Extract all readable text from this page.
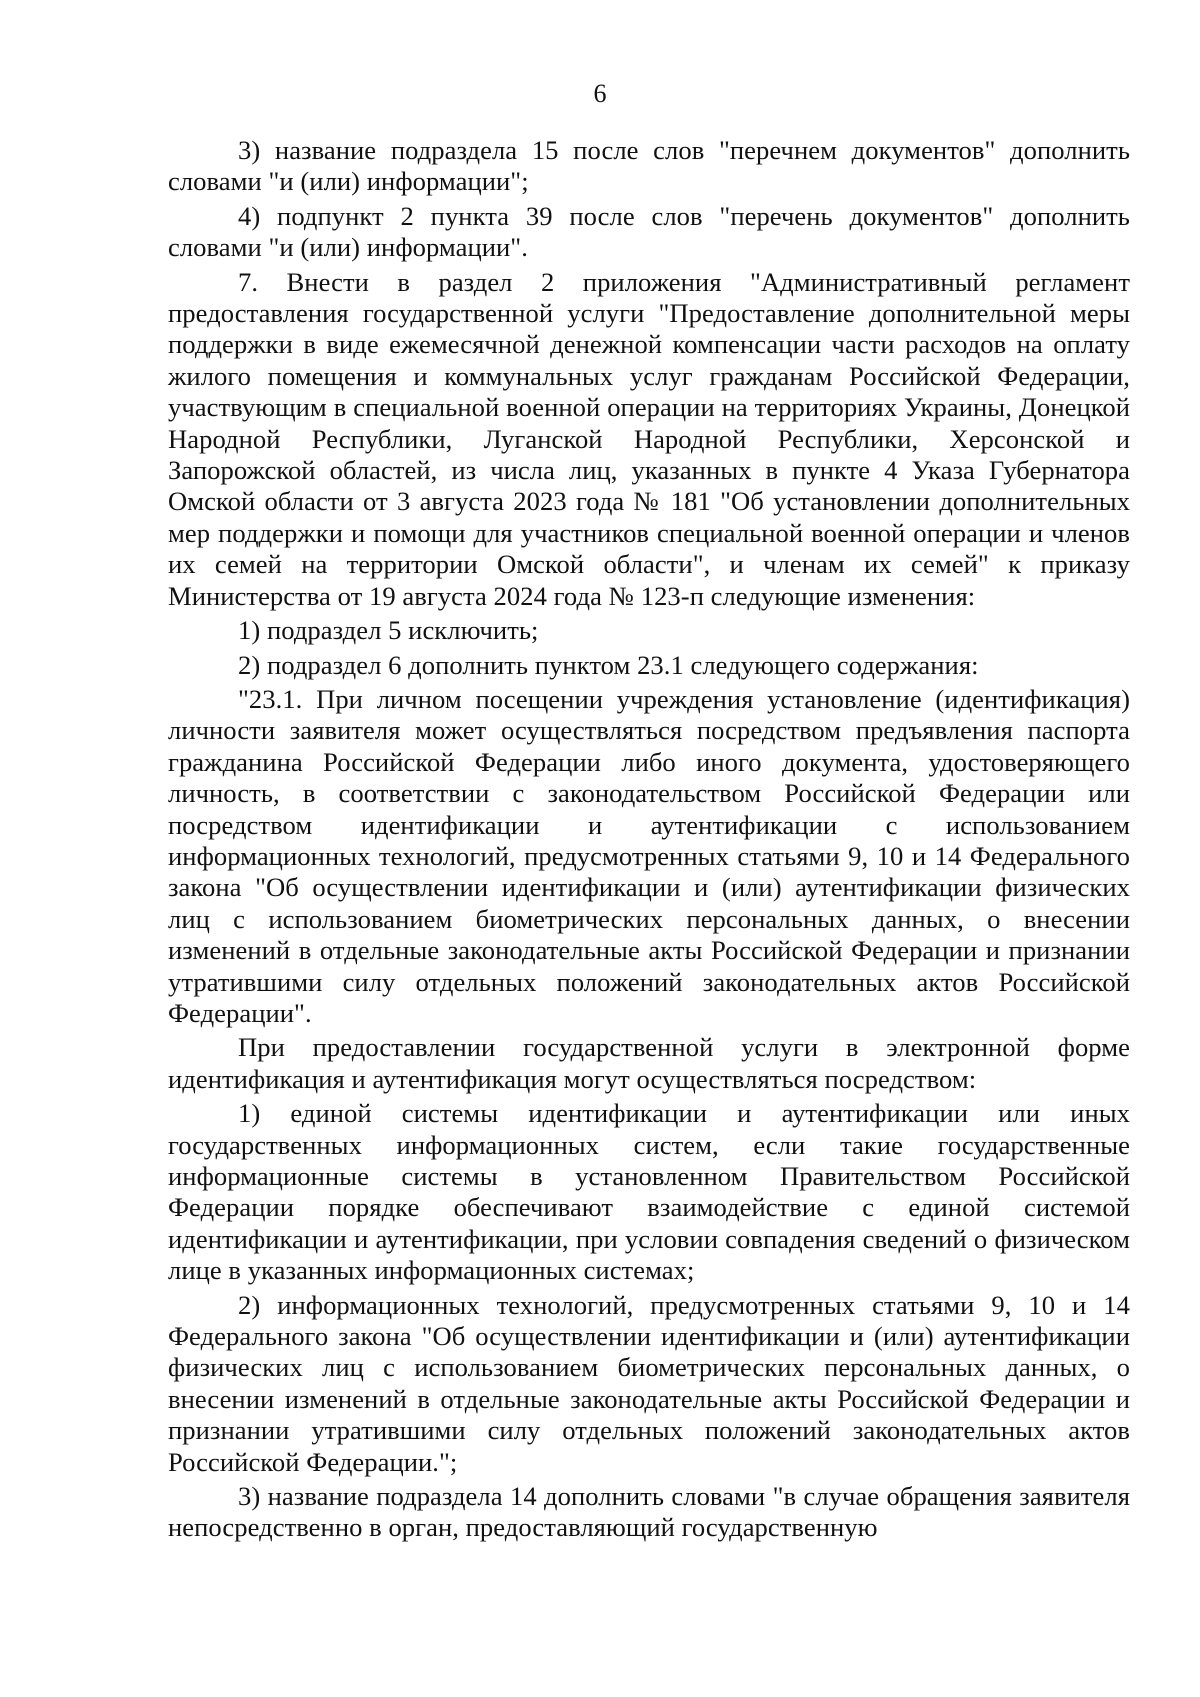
6

3) название подраздела 15 после слов "перечнем документов" дополнить словами "и (или) информации";

4) подпункт 2 пункта 39 после слов "перечень документов" дополнить словами "и (или) информации".

7. Внести в раздел 2 приложения "Административный регламент предоставления государственной услуги "Предоставление дополнительной меры поддержки в виде ежемесячной денежной компенсации части расходов на оплату жилого помещения и коммунальных услуг гражданам Российской Федерации, участвующим в специальной военной операции на территориях Украины, Донецкой Народной Республики, Луганской Народной Республики, Херсонской и Запорожской областей, из числа лиц, указанных в пункте 4 Указа Губернатора Омской области от 3 августа 2023 года № 181 "Об установлении дополнительных мер поддержки и помощи для участников специальной военной операции и членов их семей на территории Омской области", и членам их семей" к приказу Министерства от 19 августа 2024 года № 123-п следующие изменения:

1) подраздел 5 исключить;

2) подраздел 6 дополнить пунктом 23.1 следующего содержания:

"23.1. При личном посещении учреждения установление (идентификация) личности заявителя может осуществляться посредством предъявления паспорта гражданина Российской Федерации либо иного документа, удостоверяющего личность, в соответствии с законодательством Российской Федерации или посредством идентификации и аутентификации с использованием информационных технологий, предусмотренных статьями 9, 10 и 14 Федерального закона "Об осуществлении идентификации и (или) аутентификации физических лиц с использованием биометрических персональных данных, о внесении изменений в отдельные законодательные акты Российской Федерации и признании утратившими силу отдельных положений законодательных актов Российской Федерации".

При предоставлении государственной услуги в электронной форме идентификация и аутентификация могут осуществляться посредством:

1) единой системы идентификации и аутентификации или иных государственных информационных систем, если такие государственные информационные системы в установленном Правительством Российской Федерации порядке обеспечивают взаимодействие с единой системой идентификации и аутентификации, при условии совпадения сведений о физическом лице в указанных информационных системах;

2) информационных технологий, предусмотренных статьями 9, 10 и 14 Федерального закона "Об осуществлении идентификации и (или) аутентификации физических лиц с использованием биометрических персональных данных, о внесении изменений в отдельные законодательные акты Российской Федерации и признании утратившими силу отдельных положений законодательных актов Российской Федерации.";

3) название подраздела 14 дополнить словами "в случае обращения заявителя непосредственно в орган, предоставляющий государственную
